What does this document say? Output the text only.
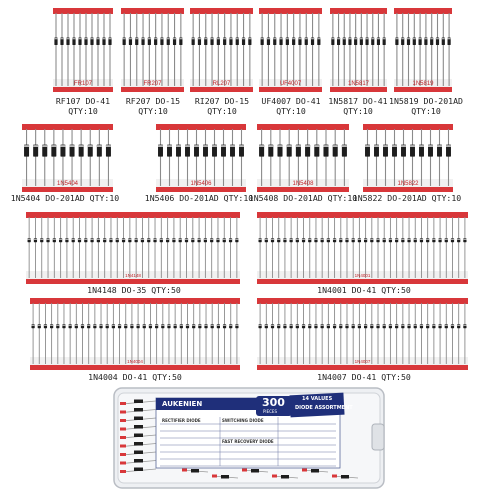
FR107
RF107 DO-41
QTY:10
FR207
RF207 DO-15
QTY:10
RL207
RI207 DO-15
QTY:10
UF4007
UF4007 DO-41
QTY:10
1N5817
1N5817 DO-41
QTY:10
1N5819
1N5819 DO-201AD
QTY:10
1N5404
1N5404 DO-201AD QTY:10
1N5406
1N5406 DO-201AD QTY:10
1N5408
1N5408 DO-201AD QTY:10
1N5822
1N5822 DO-201AD QTY:10
1N4148
1N4148 DO-35 QTY:50
1N4001
1N4001 DO-41 QTY:50
1N4004
1N4004 DO-41 QTY:50
1N4007
1N4007 DO-41 QTY:50
AUKENIEN	300
PIECES
14 VALUES
DIODE ASSORTMENT
RECTIFIER DIODE	SWITCHING DIODE
FAST RECOVERY DIODE
